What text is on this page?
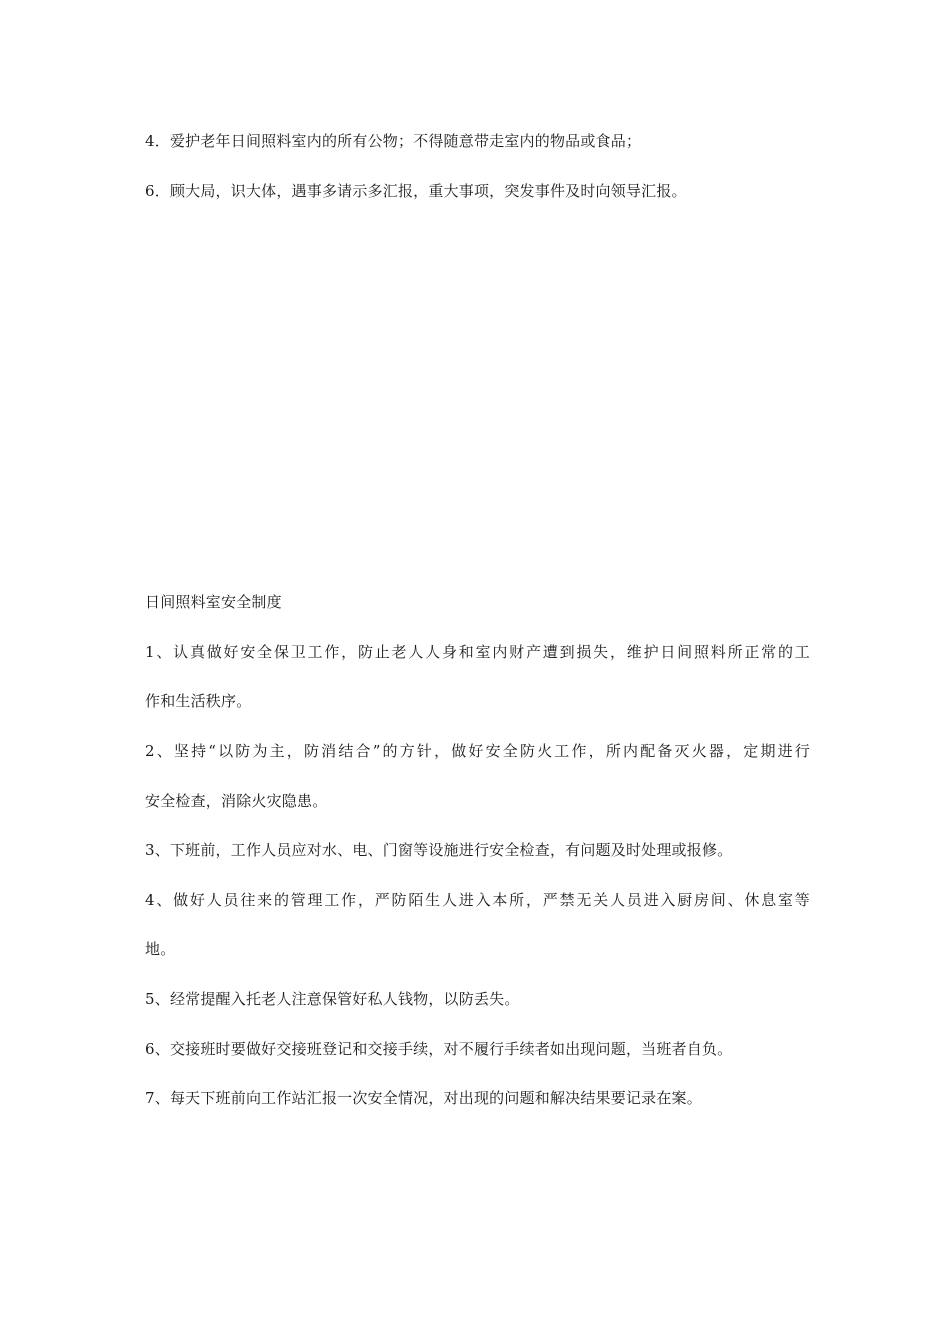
4．爱护老年日间照料室内的所有公物；不得随意带走室内的物品或食品；
6．顾大局，识大体，遇事多请示多汇报，重大事项，突发事件及时向领导汇报。
日间照料室安全制度
1、认真做好安全保卫工作，防止老人人身和室内财产遭到损失，维护日间照料所正常的工
作和生活秩序。
2、坚持“以防为主，防消结合”的方针，做好安全防火工作，所内配备灭火器，定期进行
安全检查，消除火灾隐患。
3、下班前，工作人员应对水、电、门窗等设施进行安全检查，有问题及时处理或报修。
4、做好人员往来的管理工作，严防陌生人进入本所，严禁无关人员进入厨房间、休息室等
地。
5、经常提醒入托老人注意保管好私人钱物，以防丢失。
6、交接班时要做好交接班登记和交接手续，对不履行手续者如出现问题，当班者自负。
7、每天下班前向工作站汇报一次安全情况，对出现的问题和解决结果要记录在案。
